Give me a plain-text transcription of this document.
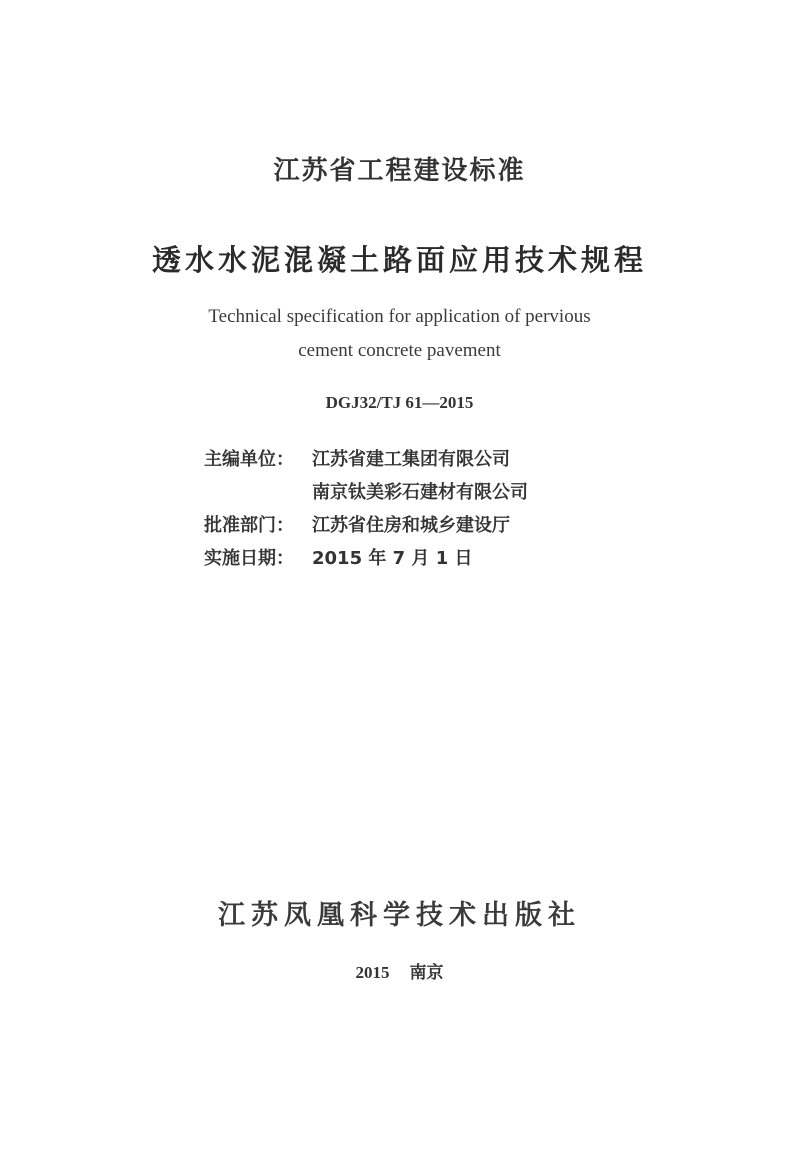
江苏省工程建设标准
透水水泥混凝土路面应用技术规程
Technical specification for application of pervious
cement concrete pavement
DGJ32/TJ 61—2015
主编单位： 江苏省建工集团有限公司
南京钛美彩石建材有限公司
批准部门： 江苏省住房和城乡建设厅
实施日期： 2015 年 7 月 1 日
江苏凤凰科学技术出版社
2015 南京
